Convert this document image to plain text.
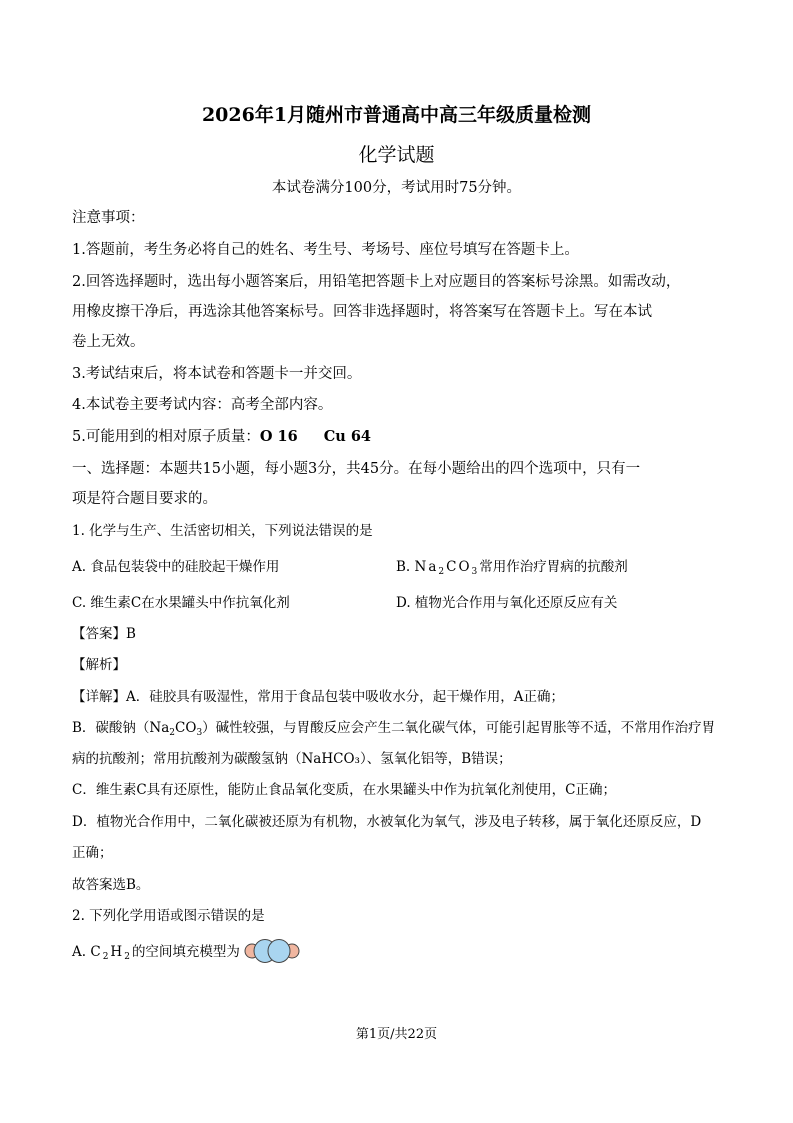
2026年1月随州市普通高中高三年级质量检测
化学试题
本试卷满分100分，考试用时75分钟。
注意事项：
1.答题前，考生务必将自己的姓名、考生号、考场号、座位号填写在答题卡上。
2.回答选择题时，选出每小题答案后，用铅笔把答题卡上对应题目的答案标号涂黑。如需改动，
用橡皮擦干净后，再选涂其他答案标号。回答非选择题时，将答案写在答题卡上。写在本试
卷上无效。
3.考试结束后，将本试卷和答题卡一并交回。
4.本试卷主要考试内容：高考全部内容。
5.可能用到的相对原子质量：O 16 Cu 64
一、选择题：本题共15小题，每小题3分，共45分。在每小题给出的四个选项中，只有一
项是符合题目要求的。
1. 化学与生产、生活密切相关，下列说法错误的是
A. 食品包装袋中的硅胶起干燥作用	B. $Na_2CO_3$常用作治疗胃病的抗酸剂
C. 维生素C在水果罐头中作抗氧化剂	D. 植物光合作用与氧化还原反应有关
【答案】B
【解析】
【详解】A．硅胶具有吸湿性，常用于食品包装中吸收水分，起干燥作用，A正确；
B．碳酸钠$(Na_2CO_3)$碱性较强，与胃酸反应会产生二氧化碳气体，可能引起胃胀等不适，不常用作治疗胃
病的抗酸剂；常用抗酸剂为碳酸氢钠（NaHCO₃）、氢氧化铝等，B错误；
C．维生素C具有还原性，能防止食品氧化变质，在水果罐头中作为抗氧化剂使用，C正确；
D．植物光合作用中，二氧化碳被还原为有机物，水被氧化为氧气，涉及电子转移，属于氧化还原反应，D
正确；
故答案选B。
2. 下列化学用语或图示错误的是
A. $C_2H_2$的空间填充模型为
第1页/共22页
